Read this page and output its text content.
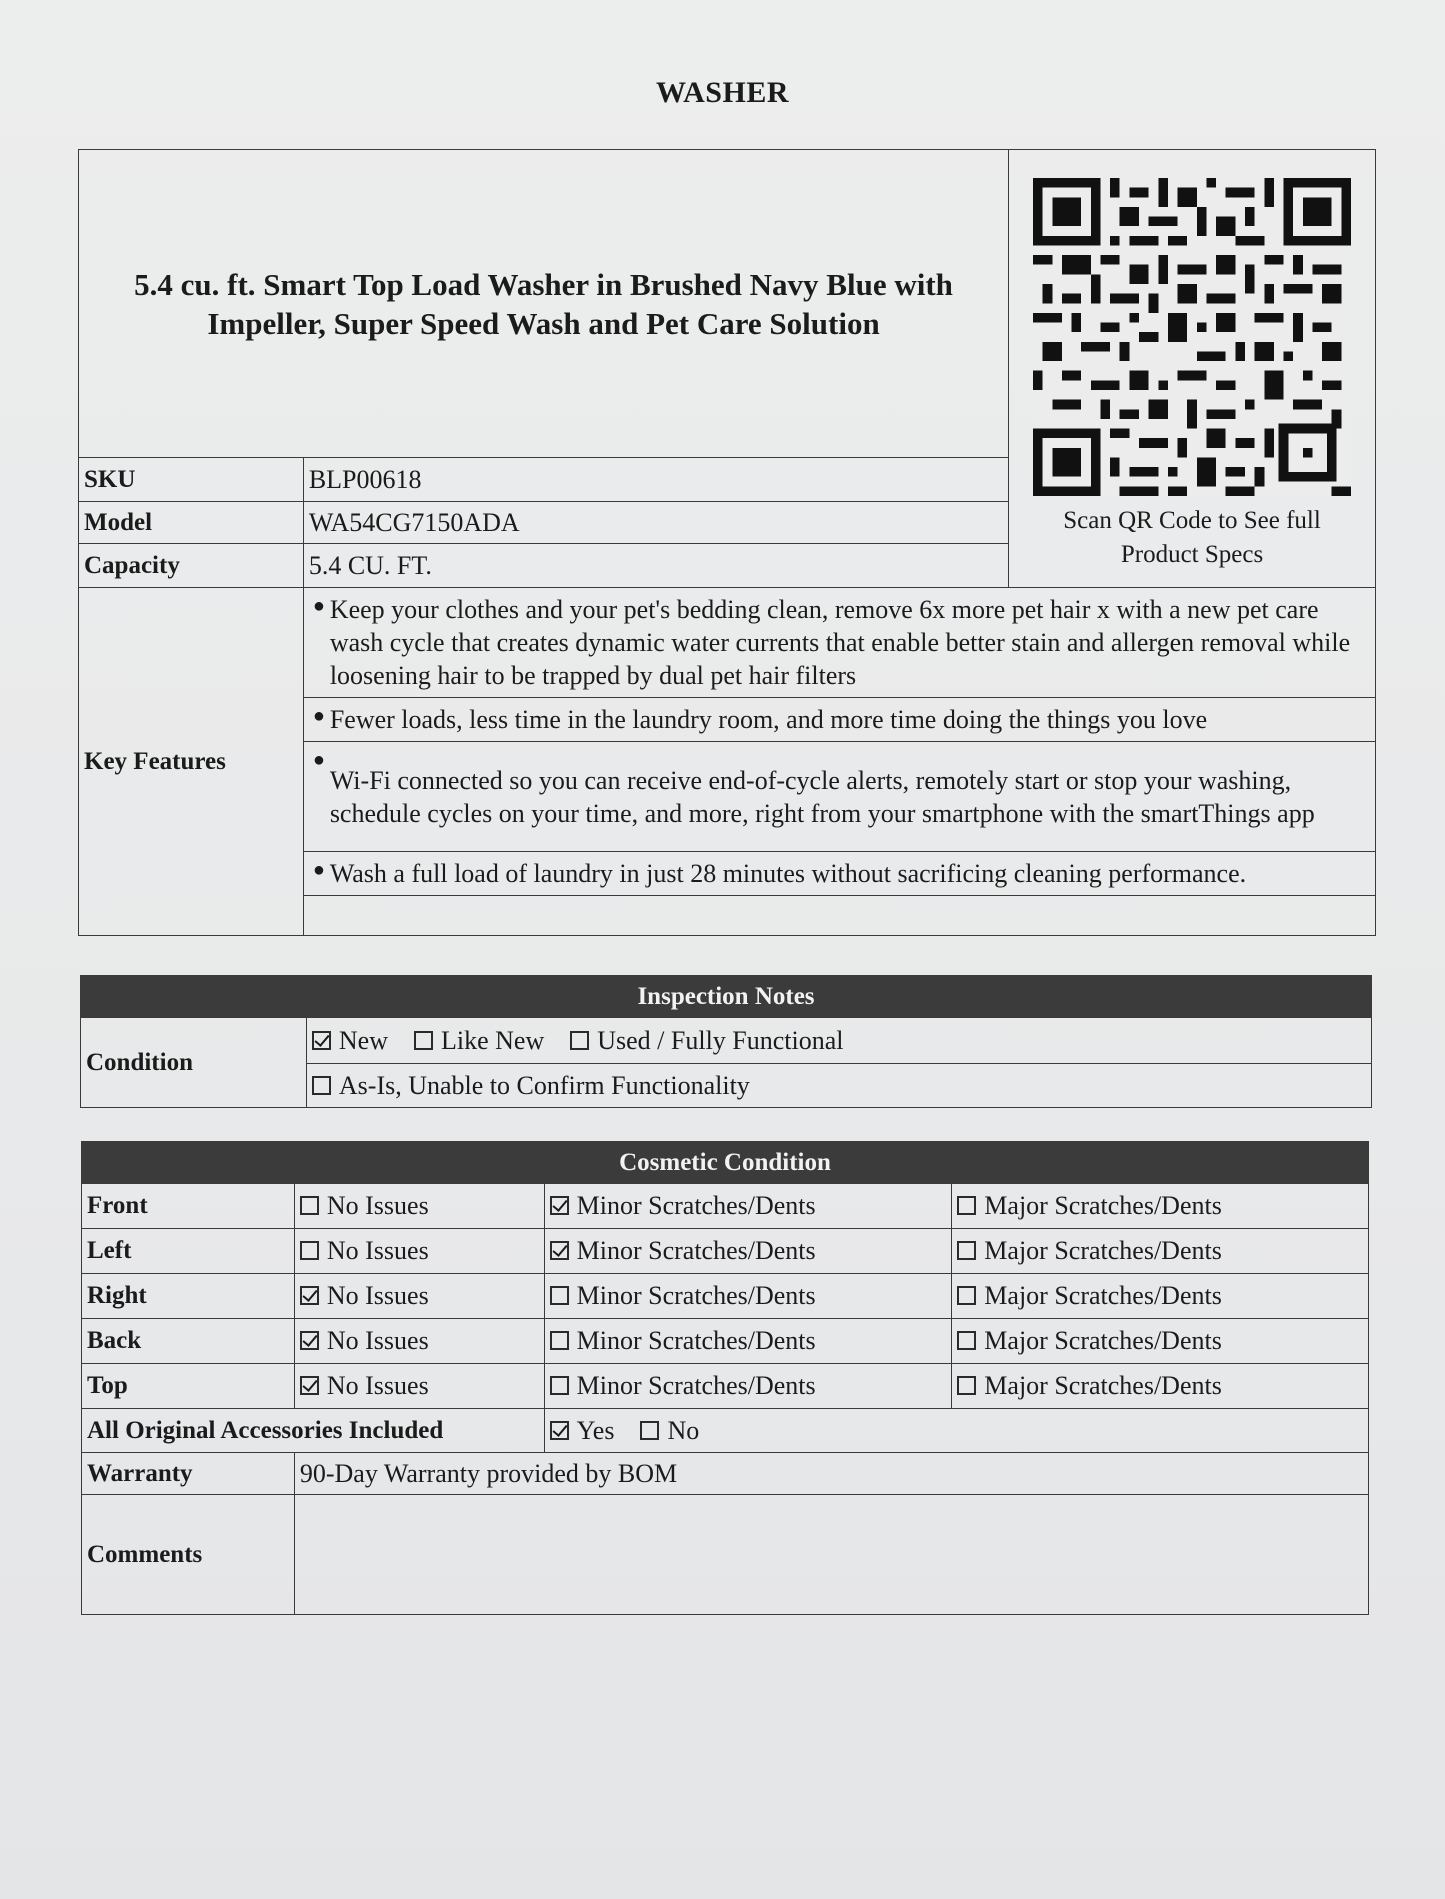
WASHER
5.4 cu. ft. Smart Top Load Washer in Brushed Navy Blue with Impeller, Super Speed Wash and Pet Care Solution		Scan QR Code to See full Product Specs

SKU	BLP00618	
Model	WA54CG7150ADA	
Capacity	5.4 CU. FT.	
Key Features	● Keep your clothes and your pet's bedding clean, remove 6x more pet hair x with a new pet care wash cycle that creates dynamic water currents that enable better stain and allergen removal while loosening hair to be trapped by dual pet hair filters	

	● Fewer loads, less time in the laundry room, and more time doing the things you love	

	●
Wi-Fi connected so you can receive end-of-cycle alerts, remotely start or stop your washing, schedule cycles on your time, and more, right from your smartphone with the smartThings app	

	● Wash a full load of laundry in just 28 minutes without sacrificing cleaning performance.	

Inspection Notes
Condition	New Like New Used / Fully Functional
As-Is, Unable to Confirm Functionality
Cosmetic Condition			
Front	No Issues	Minor Scratches/Dents	Major Scratches/Dents
Left	No Issues	Minor Scratches/Dents	Major Scratches/Dents
Right	No Issues	Minor Scratches/Dents	Major Scratches/Dents
Back	No Issues	Minor Scratches/Dents	Major Scratches/Dents
Top	No Issues	Minor Scratches/Dents	Major Scratches/Dents
All Original Accessories Included		Yes No	
Warranty	90-Day Warranty provided by BOM		
Comments			
